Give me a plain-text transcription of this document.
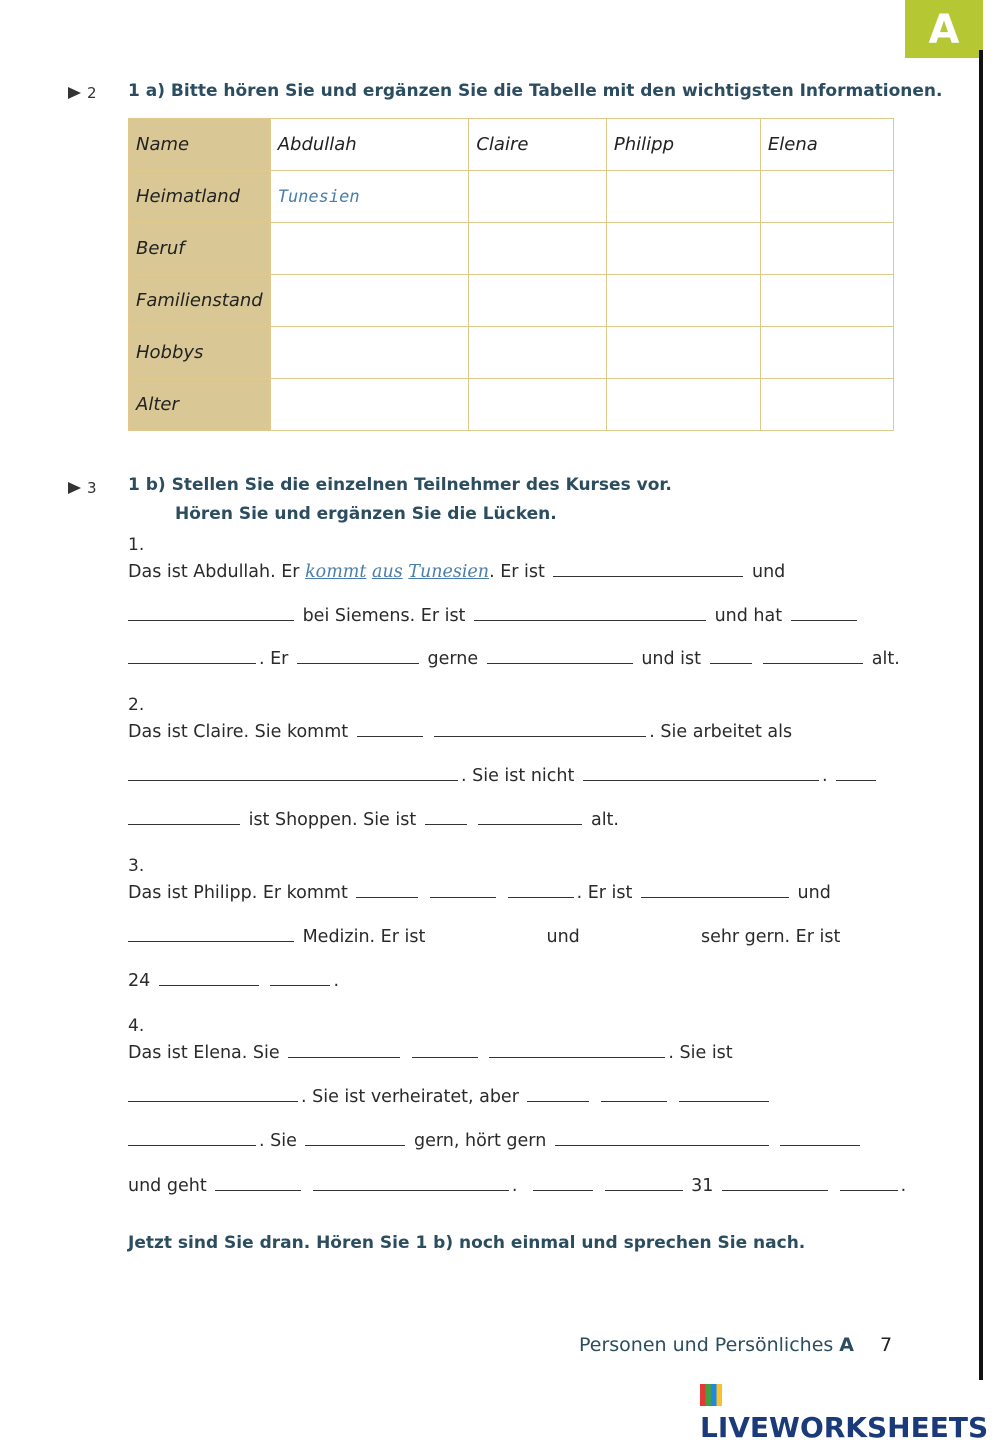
A
2 1 a) Bitte hören Sie und ergänzen Sie die Tabelle mit den wichtigsten Informationen.
Name	Abdullah	Claire	Philipp	Elena
Heimatland	Tunesien			
Beruf				
Familienstand				
Hobbys				
Alter				
3 1 b) Stellen Sie die einzelnen Teilnehmer des Kurses vor.
Hören Sie und ergänzen Sie die Lücken.
1.
Das ist Abdullah. Er kommt aus Tunesien. Er ist	und
bei Siemens. Er ist	und hat
. Er	gerne	und ist	alt.
2.
Das ist Claire. Sie kommt	. Sie arbeitet als
. Sie ist nicht	.
ist Shoppen. Sie ist	alt.
3.
Das ist Philipp. Er kommt	. Er ist	und
Medizin. Er ist	und	sehr gern. Er ist
24	.
4.
Das ist Elena. Sie	. Sie ist
. Sie ist verheiratet, aber
. Sie	gern, hört gern
und geht	.	31	.
Jetzt sind Sie dran. Hören Sie 1 b) noch einmal und sprechen Sie nach.
Personen und Persönliches A 7
LIVEWORKSHEETS
